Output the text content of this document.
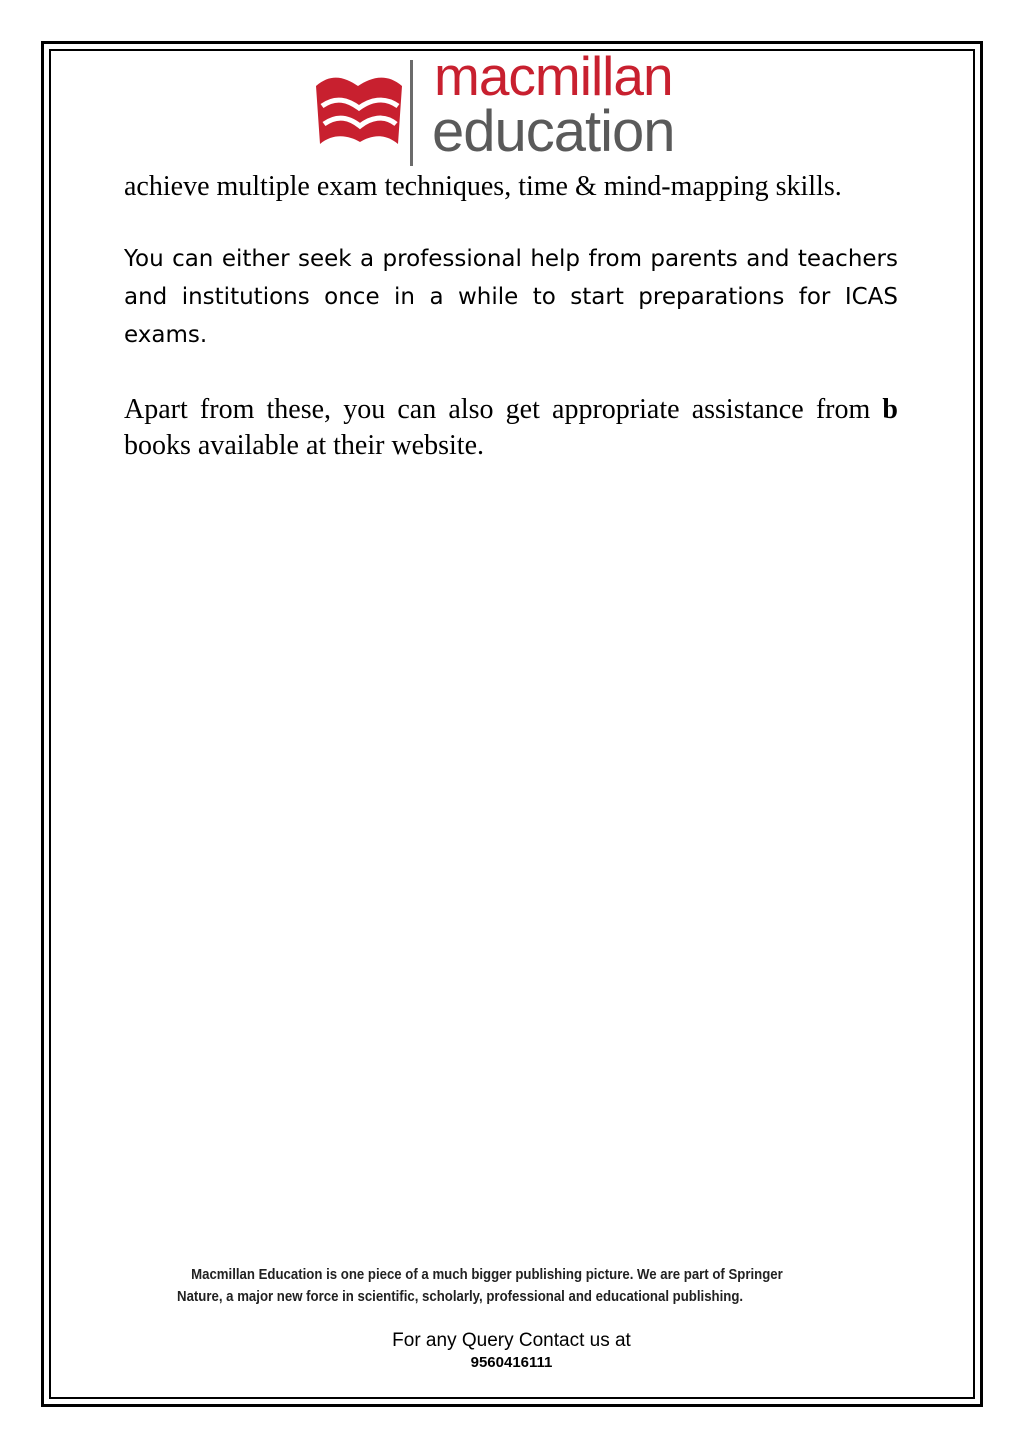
macmillan
education
achieve multiple exam techniques, time & mind-mapping skills.
You can either seek a professional help from parents and teachers and institutions once in a while to start preparations for ICAS exams.
Apart from these, you can also get appropriate assistance from b books available at their website.
Macmillan Education is one piece of a much bigger publishing picture. We are part of Springer
Nature, a major new force in scientific, scholarly, professional and educational publishing.
For any Query Contact us at
9560416111
